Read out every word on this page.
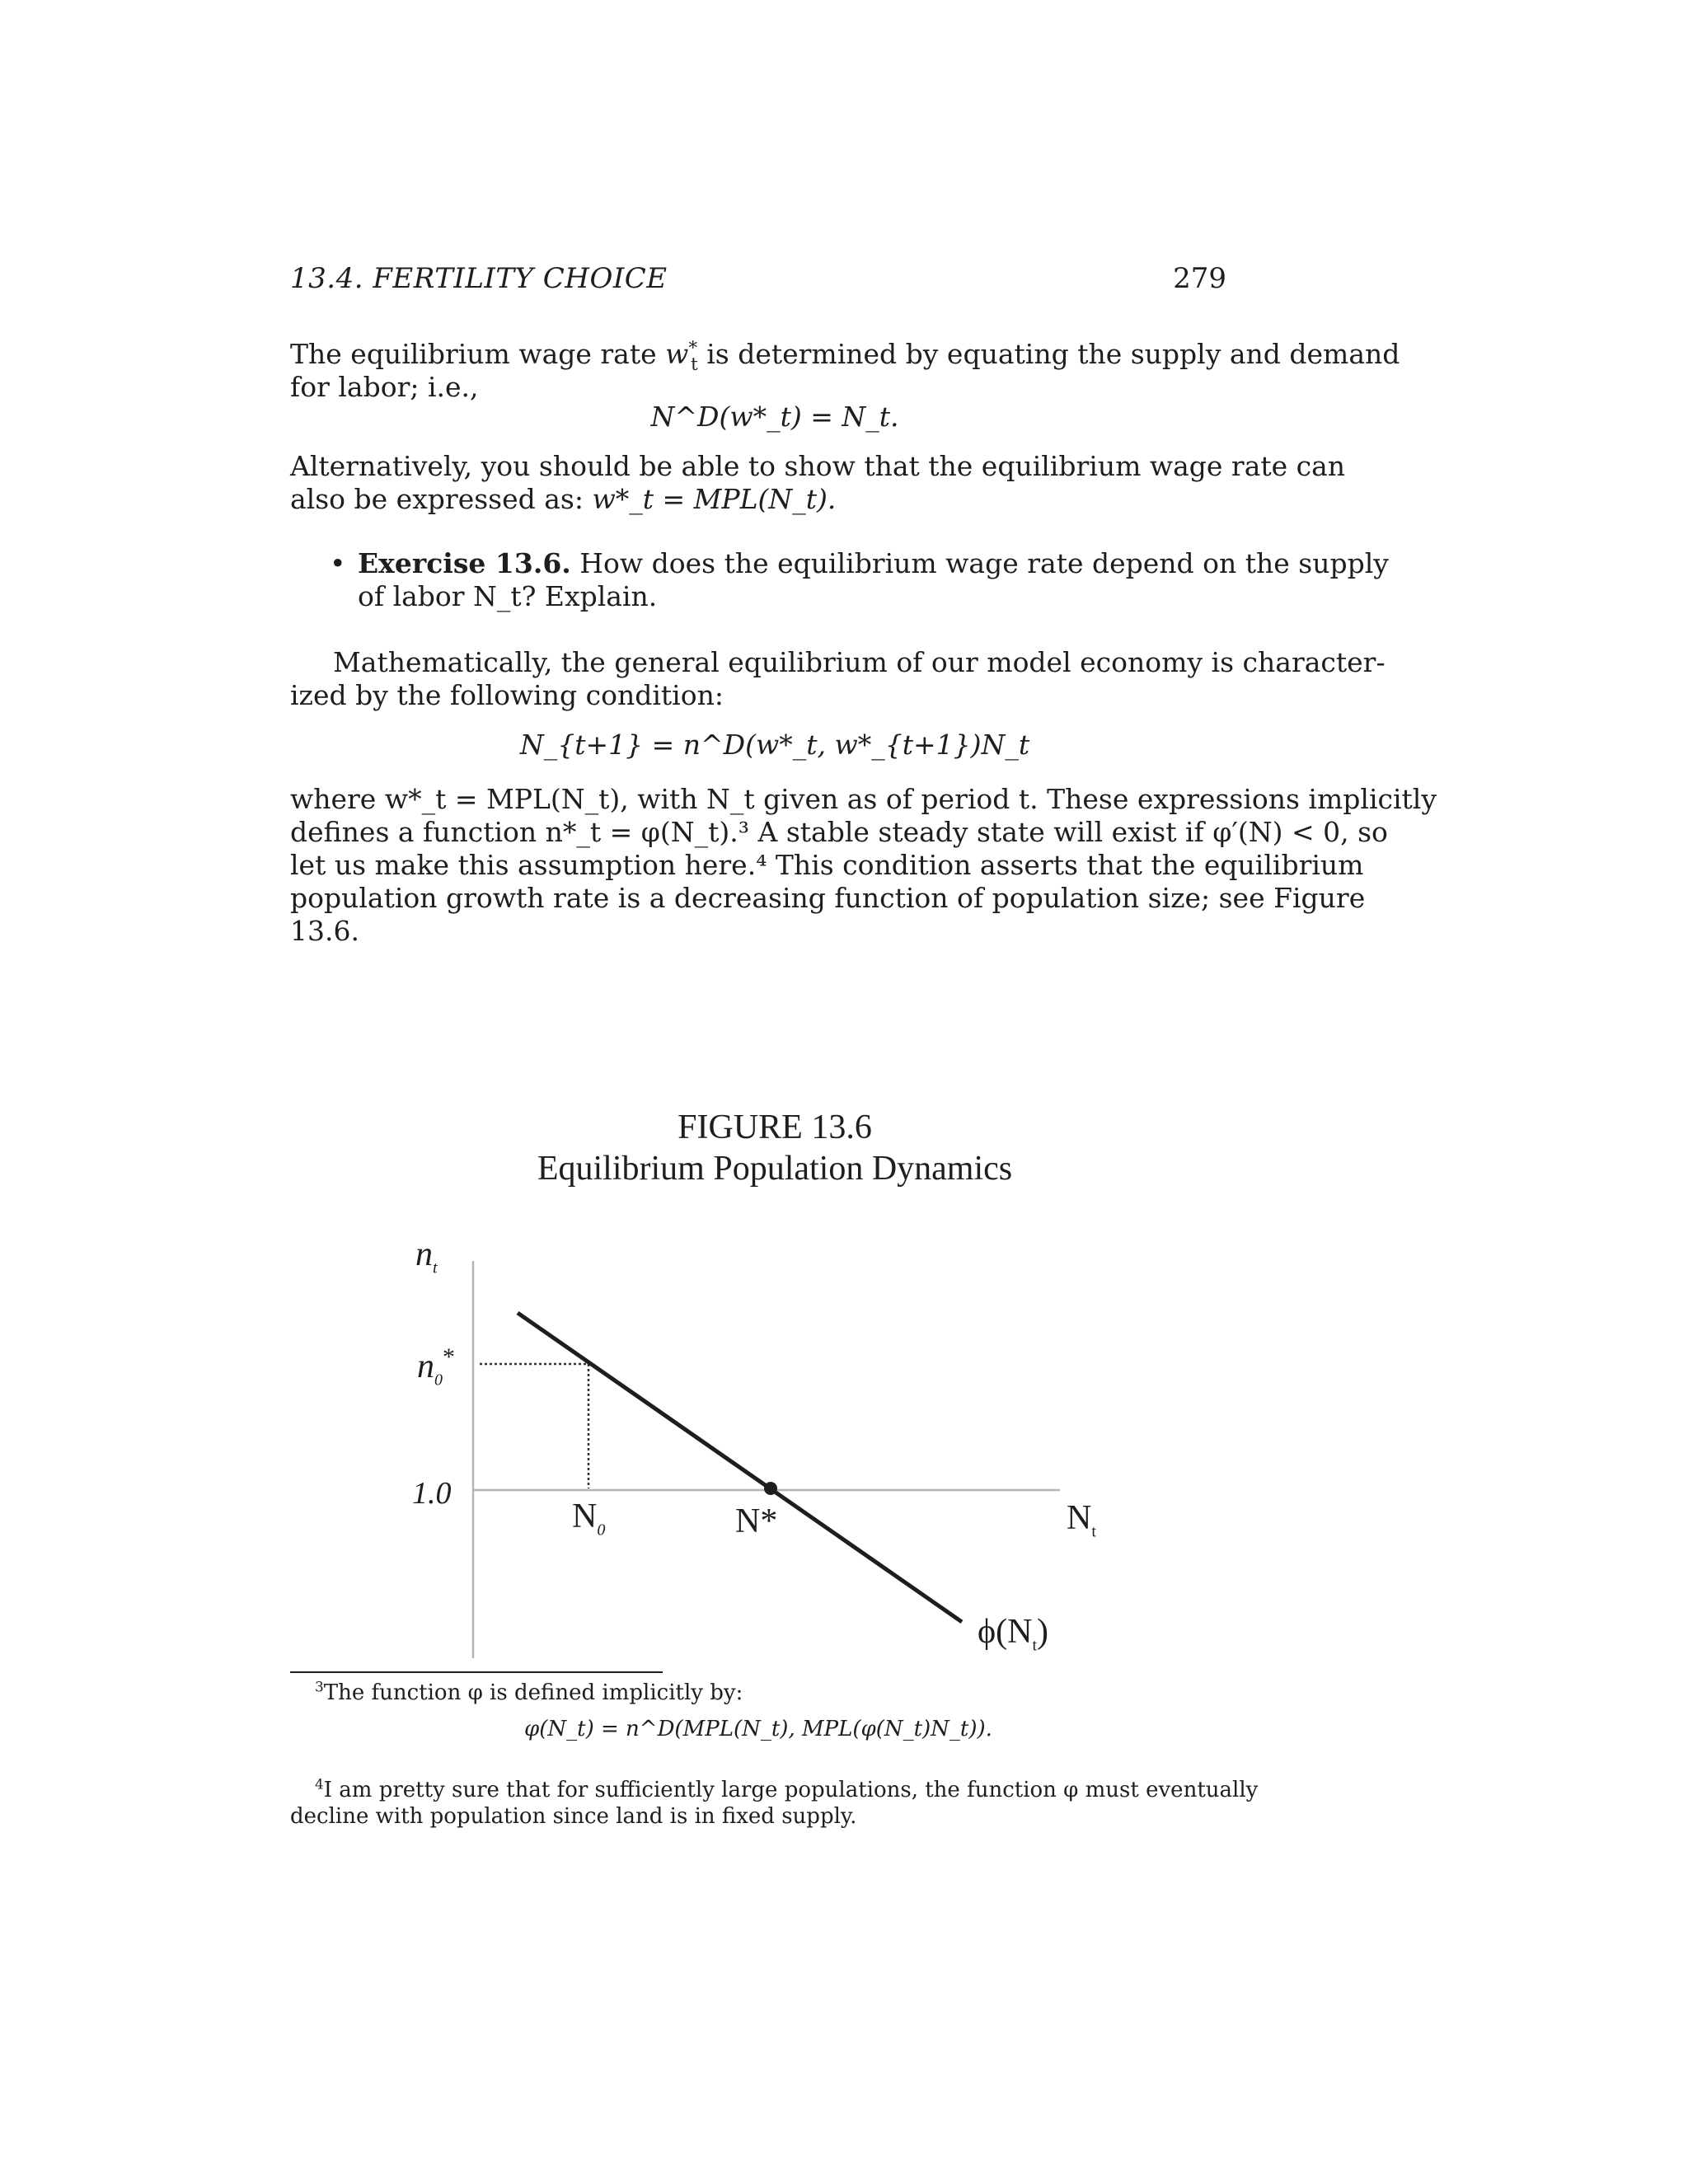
13.4. FERTILITY CHOICE	279
The equilibrium wage rate $w^*_t$ is determined by equating the supply and demand
for labor; i.e.,
N^D(w*_t) = N_t.
Alternatively, you should be able to show that the equilibrium wage rate can
also be expressed as: w*_t = MPL(N_t).
• Exercise 13.6. How does the equilibrium wage rate depend on the supply
of labor N_t? Explain.
Mathematically, the general equilibrium of our model economy is character-
ized by the following condition:
N_{t+1} = n^D(w*_t, w*_{t+1})N_t
where w*_t = MPL(N_t), with N_t given as of period t. These expressions implicitly
defines a function n*_t = φ(N_t).³ A stable steady state will exist if φ′(N) < 0, so
let us make this assumption here.⁴ This condition asserts that the equilibrium
population growth rate is a decreasing function of population size; see Figure
13.6.
FIGURE 13.6
Equilibrium Population Dynamics
$n_t$
$n_0^*$
1.0
$N_0$	N*	$N_t$
$\phi(N_t)$
$^3$The function φ is defined implicitly by:
φ(N_t) = n^D(MPL(N_t), MPL(φ(N_t)N_t)).
$^4$I am pretty sure that for sufficiently large populations, the function φ must eventually
decline with population since land is in fixed supply.
